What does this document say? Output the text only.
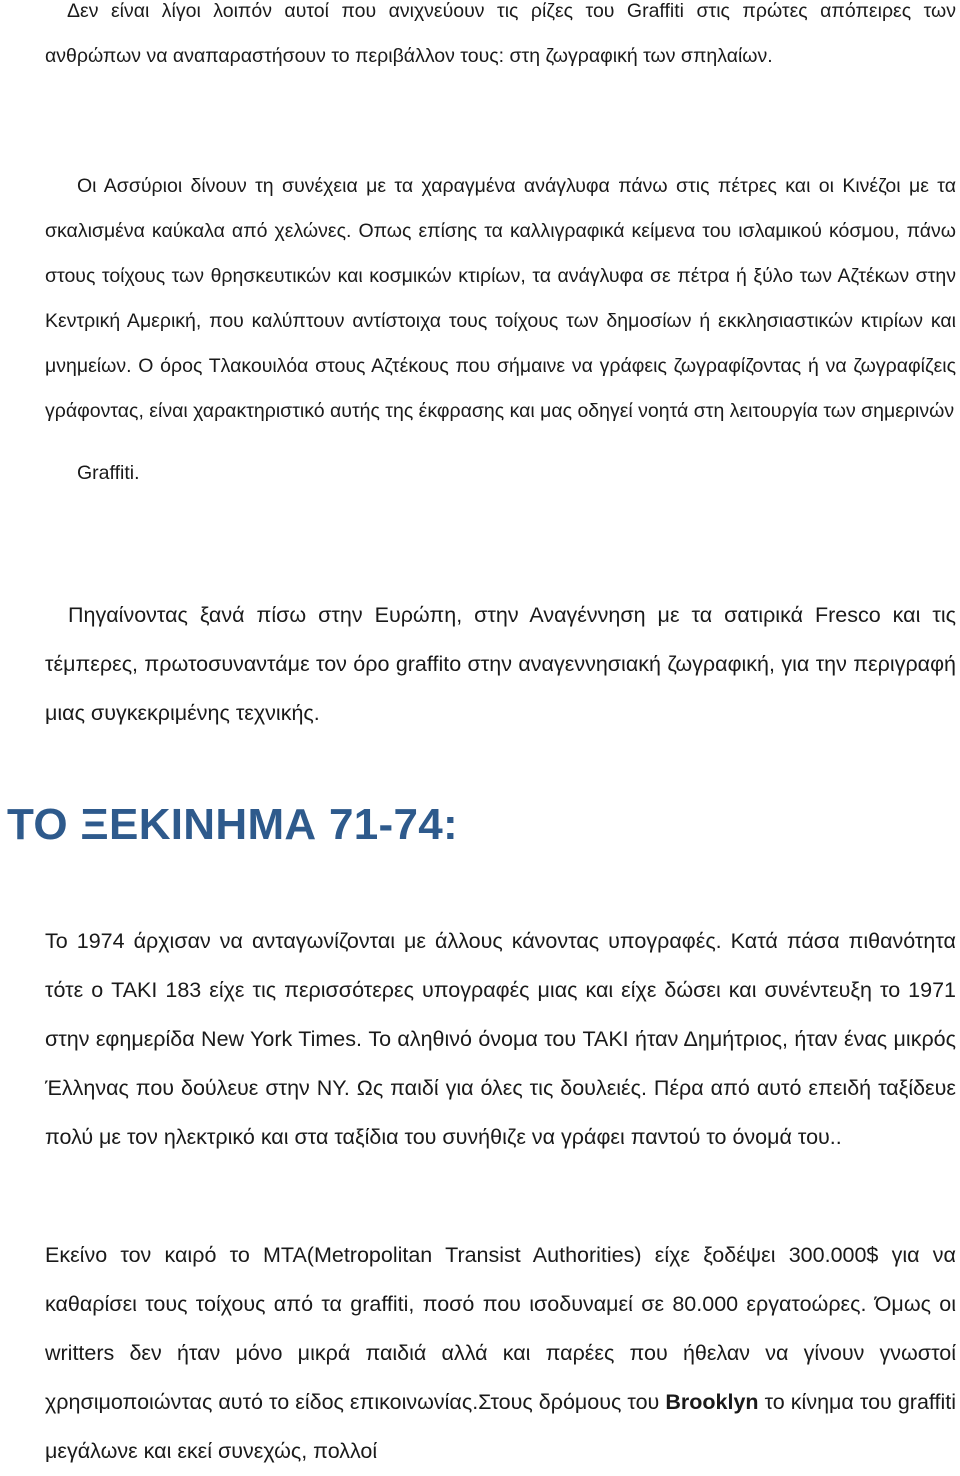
Δεν είναι λίγοι λοιπόν αυτοί που ανιχνεύουν τις ρίζες του Graffiti στις πρώτες απόπειρες των ανθρώπων να αναπαραστήσουν το περιβάλλον τους: στη ζωγραφική των σπηλαίων.

Οι Ασσύριοι δίνουν τη συνέχεια με τα χαραγμένα ανάγλυφα πάνω στις πέτρες και οι Κινέζοι με τα σκαλισμένα καύκαλα από χελώνες. Οπως επίσης τα καλλιγραφικά κείμενα του ισλαμικού κόσμου, πάνω στους τοίχους των θρησκευτικών και κοσμικών κτιρίων, τα ανάγλυφα σε πέτρα ή ξύλο των Αζτέκων στην Κεντρική Αμερική, που καλύπτουν αντίστοιχα τους τοίχους των δημοσίων ή εκκλησιαστικών κτιρίων και μνημείων. Ο όρος Τλακουιλόα στους Αζτέκους που σήμαινε να γράφεις ζωγραφίζοντας ή να ζωγραφίζεις γράφοντας, είναι χαρακτηριστικό αυτής της έκφρασης και μας οδηγεί νοητά στη λειτουργία των σημερινών
Graffiti.

Πηγαίνοντας ξανά πίσω στην Ευρώπη, στην Αναγέννηση με τα σατιρικά Fresco και τις τέμπερες, πρωτοσυναντάμε τον όρο graffito στην αναγεννησιακή ζωγραφική, για την περιγραφή μιας συγκεκριμένης τεχνικής.

ΤΟ ΞΕΚΙΝΗΜΑ 71-74:

Το 1974 άρχισαν να ανταγωνίζονται με άλλους κάνοντας υπογραφές. Κατά πάσα πιθανότητα τότε ο TAKI 183 είχε τις περισσότερες υπογραφές μιας και είχε δώσει και συνέντευξη το 1971 στην εφημερίδα New York Times. Το αληθινό όνομα του TAKI ήταν Δημήτριος, ήταν ένας μικρός Έλληνας που δούλευε στην NY. Ως παιδί για όλες τις δουλειές. Πέρα από αυτό επειδή ταξίδευε πολύ με τον ηλεκτρικό και στα ταξίδια του συνήθιζε να γράφει παντού το όνομά του..

Εκείνο τον καιρό το MTA(Metropolitan Transist Authorities) είχε ξοδέψει 300.000$ για να καθαρίσει τους τοίχους από τα graffiti, ποσό που ισοδυναμεί σε 80.000 εργατοώρες. Όμως οι writters δεν ήταν μόνο μικρά παιδιά αλλά και παρέες που ήθελαν να γίνουν γνωστοί χρησιμοποιώντας αυτό το είδος επικοινωνίας.Στους δρόμους του Brooklyn το κίνημα του graffiti μεγάλωνε και εκεί συνεχώς, πολλοί
